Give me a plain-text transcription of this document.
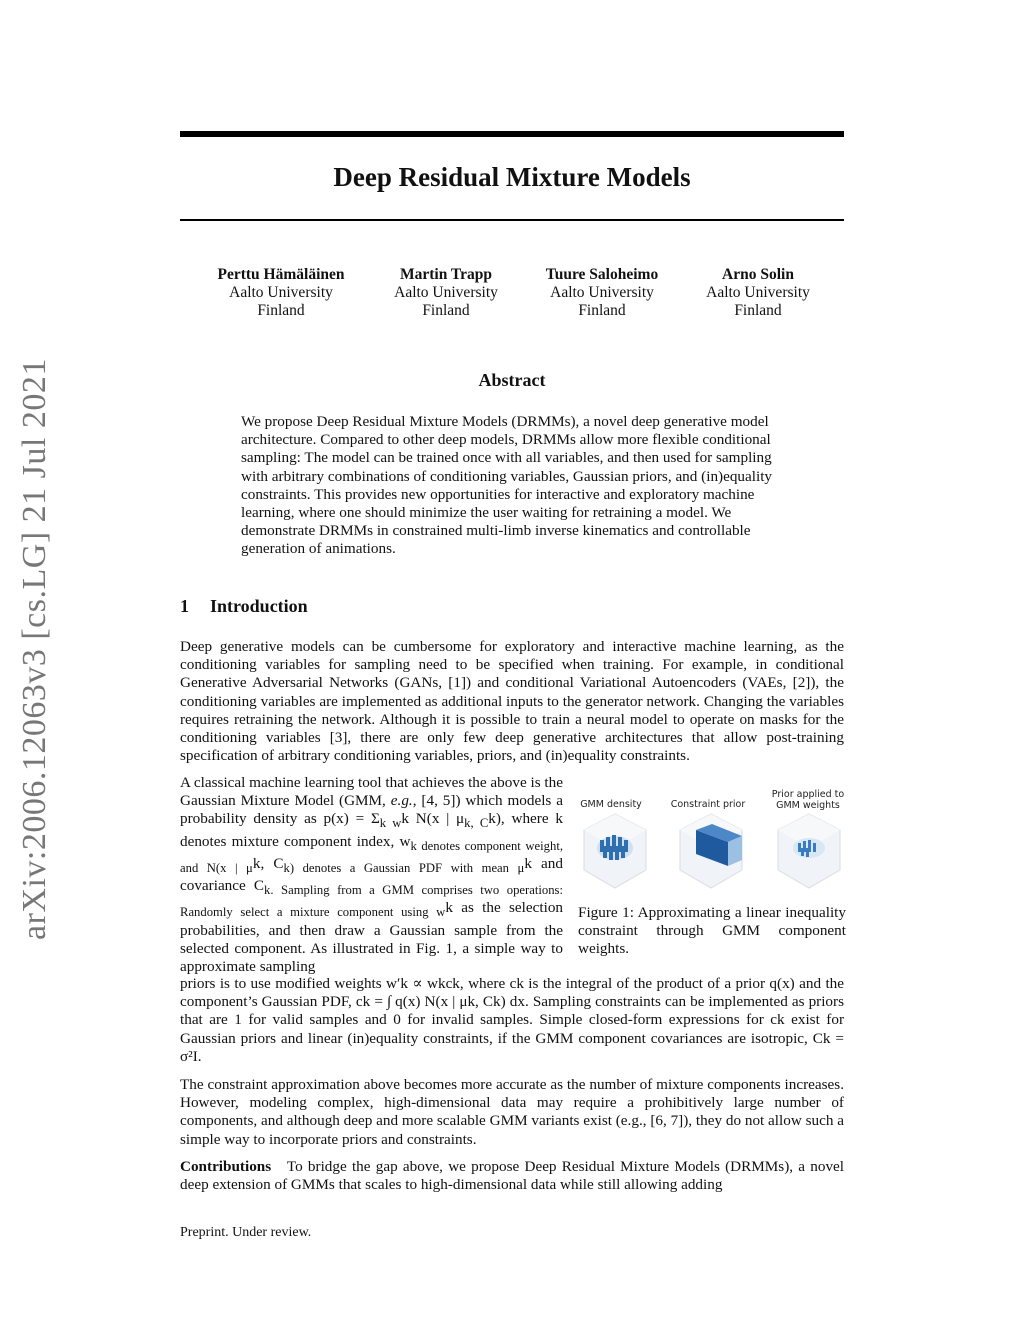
arXiv:2006.12063v3 [cs.LG] 21 Jul 2021
Deep Residual Mixture Models
Perttu Hämäläinen
Aalto University
Finland
Martin Trapp
Aalto University
Finland
Tuure Saloheimo
Aalto University
Finland
Arno Solin
Aalto University
Finland
Abstract
We propose Deep Residual Mixture Models (DRMMs), a novel deep generative model architecture. Compared to other deep models, DRMMs allow more flexible conditional sampling: The model can be trained once with all variables, and then used for sampling with arbitrary combinations of conditioning variables, Gaussian priors, and (in)equality constraints. This provides new opportunities for interactive and exploratory machine learning, where one should minimize the user waiting for retraining a model. We demonstrate DRMMs in constrained multi-limb inverse kinematics and controllable generation of animations.
1 Introduction
Deep generative models can be cumbersome for exploratory and interactive machine learning, as the conditioning variables for sampling need to be specified when training. For example, in conditional Generative Adversarial Networks (GANs, [1]) and conditional Variational Autoencoders (VAEs, [2]), the conditioning variables are implemented as additional inputs to the generator network. Changing the variables requires retraining the network. Although it is possible to train a neural model to operate on masks for the conditioning variables [3], there are only few deep generative architectures that allow post-training specification of arbitrary conditioning variables, priors, and (in)equality constraints.
A classical machine learning tool that achieves the above is the Gaussian Mixture Model (GMM, e.g., [4, 5]) which models a probability density as $p(x) = \Sigma_{k w}k$ N(x | $\mu_{k, C}k$), where k denotes mixture component index, $w_{k denotes component weight, and N(x | \mu}k$, $C_{k) denotes a Gaussian PDF with mean \mu}k$ and covariance $C_{k. Sampling from a GMM comprises two operations: Randomly select a mixture component using w}k$ as the selection probabilities, and then draw a Gaussian sample from the selected component. As illustrated in Fig. 1, a simple way to approximate sampling
priors is to use modified weights w′k ∝ wkck, where ck is the integral of the product of a prior q(x) and the component’s Gaussian PDF, ck = ∫ q(x) N(x | μk, Ck) dx. Sampling constraints can be implemented as priors that are 1 for valid samples and 0 for invalid samples. Simple closed-form expressions for ck exist for Gaussian priors and linear (in)equality constraints, if the GMM component covariances are isotropic, Ck = σ²I.
GMM density	Constraint prior
Prior applied to GMM weights
Figure 1: Approximating a linear inequality constraint through GMM component weights.
The constraint approximation above becomes more accurate as the number of mixture components increases. However, modeling complex, high-dimensional data may require a prohibitively large number of components, and although deep and more scalable GMM variants exist (e.g., [6, 7]), they do not allow such a simple way to incorporate priors and constraints.
Contributions To bridge the gap above, we propose Deep Residual Mixture Models (DRMMs), a novel deep extension of GMMs that scales to high-dimensional data while still allowing adding
Preprint. Under review.
